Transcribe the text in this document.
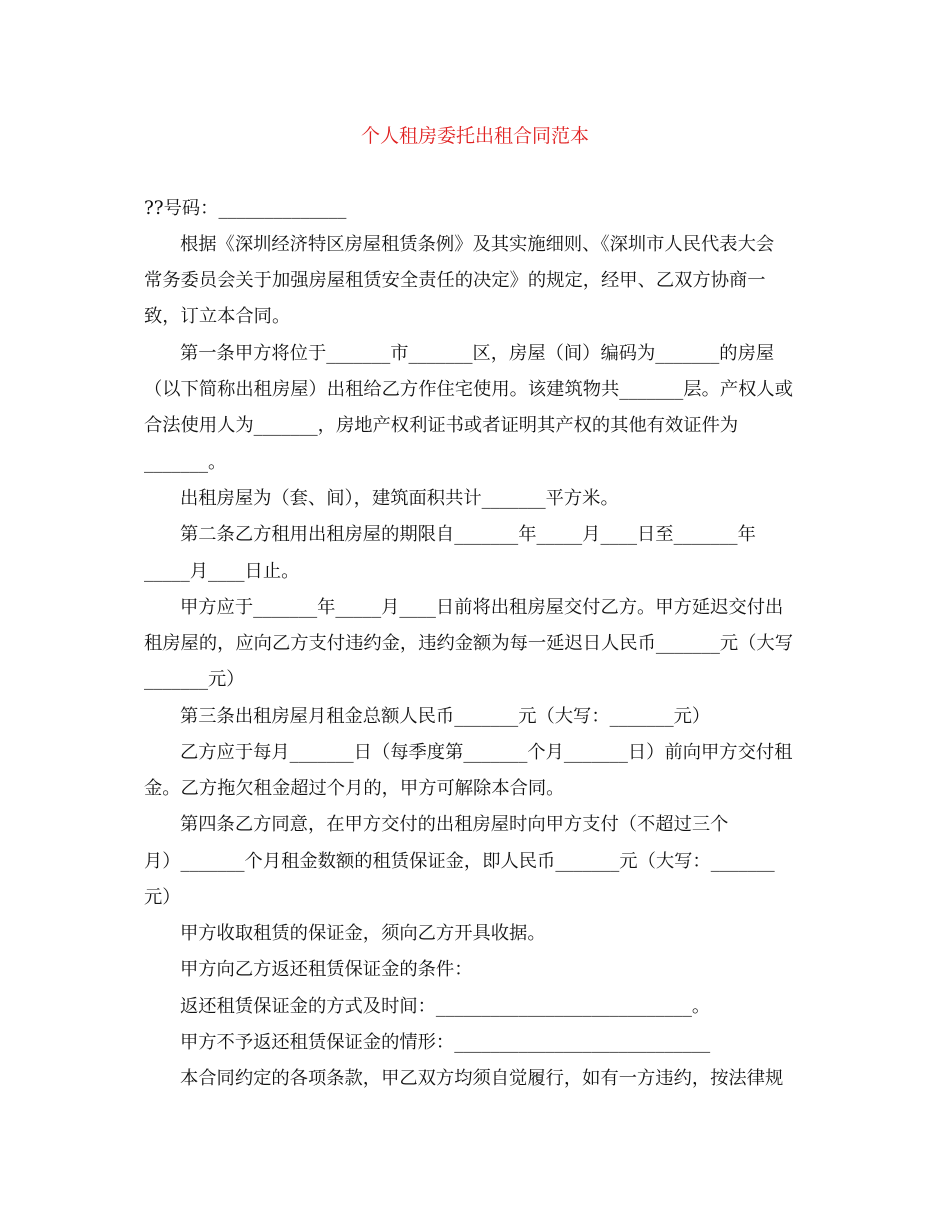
个人租房委托出租合同范本
??号码：______________
根据《深圳经济特区房屋租赁条例》及其实施细则、《深圳市人民代表大会
常务委员会关于加强房屋租赁安全责任的决定》的规定，经甲、乙双方协商一
致，订立本合同。
第一条甲方将位于_______市_______区，房屋（间）编码为_______的房屋
（以下简称出租房屋）出租给乙方作住宅使用。该建筑物共_______层。产权人或
合法使用人为_______，房地产权利证书或者证明其产权的其他有效证件为
_______。
出租房屋为（套、间），建筑面积共计_______平方米。
第二条乙方租用出租房屋的期限自_______年_____月____日至_______年
_____月____日止。
甲方应于_______年_____月____日前将出租房屋交付乙方。甲方延迟交付出
租房屋的，应向乙方支付违约金，违约金额为每一延迟日人民币_______元（大写
_______元）
第三条出租房屋月租金总额人民币_______元（大写：_______元）
乙方应于每月_______日（每季度第_______个月_______日）前向甲方交付租
金。乙方拖欠租金超过个月的，甲方可解除本合同。
第四条乙方同意，在甲方交付的出租房屋时向甲方支付（不超过三个
月）_______个月租金数额的租赁保证金，即人民币_______元（大写：_______
元）
甲方收取租赁的保证金，须向乙方开具收据。
甲方向乙方返还租赁保证金的条件：
返还租赁保证金的方式及时间：____________________________。
甲方不予返还租赁保证金的情形：____________________________
本合同约定的各项条款，甲乙双方均须自觉履行，如有一方违约，按法律规
